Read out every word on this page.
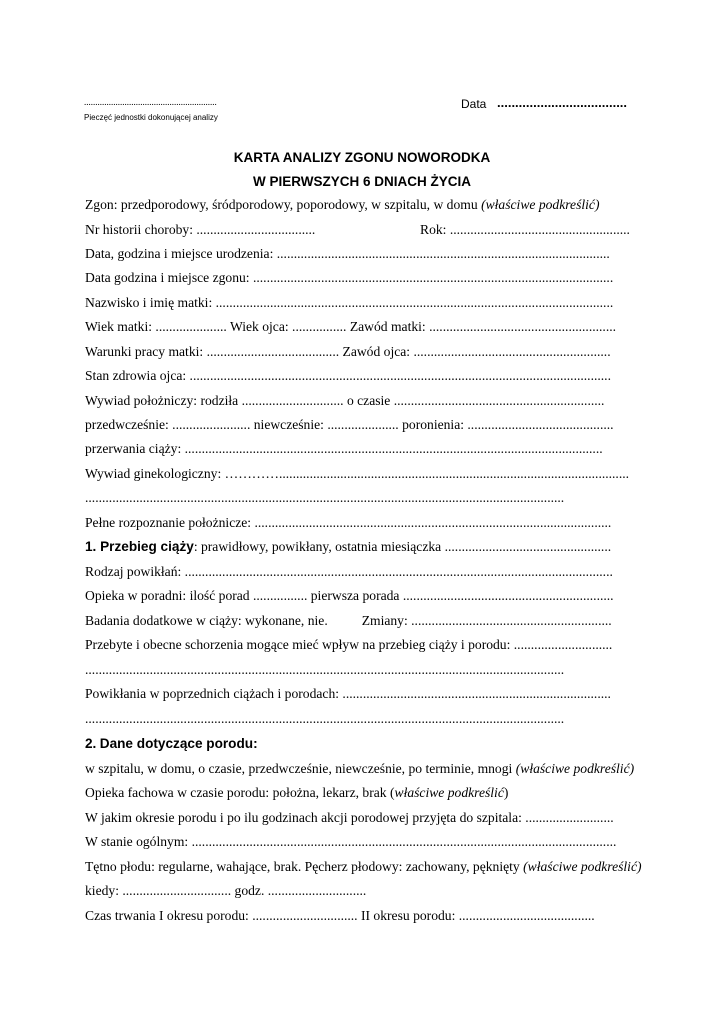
...........................................................
Pieczęć jednostki dokonującej analizy
Data ....................................
KARTA ANALIZY ZGONU NOWORODKA
W PIERWSZYCH 6 DNIACH ŻYCIA
Zgon: przedporodowy, śródporodowy, poporodowy, w szpitalu, w domu (właściwe podkreślić)
Nr historii choroby: ...................................	Rok: .....................................................
Data, godzina i miejsce urodzenia: ..................................................................................................
Data godzina i miejsce zgonu: ..........................................................................................................
Nazwisko i imię matki: .....................................................................................................................
Wiek matki: ..................... Wiek ojca: ................ Zawód matki: .......................................................
Warunki pracy matki: ....................................... Zawód ojca: ..........................................................
Stan zdrowia ojca: ............................................................................................................................
Wywiad położniczy: rodziła .............................. o czasie ..............................................................
przedwcześnie: ....................... niewcześnie: ..................... poronienia: ...........................................
przerwania ciąży: ...........................................................................................................................
Wywiad ginekologiczny: ………….......................................................................................................
.............................................................................................................................................
Pełne rozpoznanie położnicze: .........................................................................................................
1. Przebieg ciąży: prawidłowy, powikłany, ostatnia miesiączka .................................................
Rodzaj powikłań: ..............................................................................................................................
Opieka w poradni: ilość porad ................ pierwsza porada ..............................................................
Badania dodatkowe w ciąży: wykonane, nie.          Zmiany: ...........................................................
Przebyte i obecne schorzenia mogące mieć wpływ na przebieg ciąży i porodu: .............................
.............................................................................................................................................
Powikłania w poprzednich ciążach i porodach: ...............................................................................
.............................................................................................................................................
2. Dane dotyczące porodu:
w szpitalu, w domu, o czasie, przedwcześnie, niewcześnie, po terminie, mnogi (właściwe podkreślić)
Opieka fachowa w czasie porodu: położna, lekarz, brak (właściwe podkreślić)
W jakim okresie porodu i po ilu godzinach akcji porodowej przyjęta do szpitala: ..........................
W stanie ogólnym: .............................................................................................................................
Tętno płodu: regularne, wahające, brak. Pęcherz płodowy: zachowany, pęknięty (właściwe podkreślić)
kiedy: ................................ godz. .............................
Czas trwania I okresu porodu: ............................... II okresu porodu: ........................................
